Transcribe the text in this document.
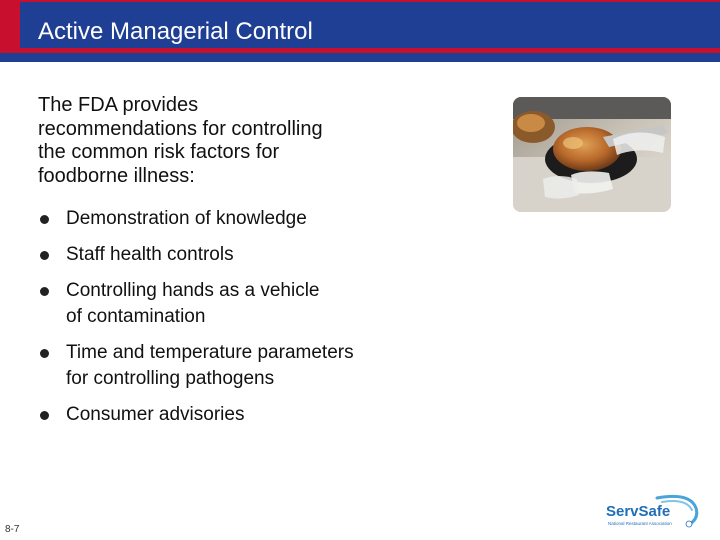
Active Managerial Control

The FDA provides
recommendations for controlling
the common risk factors for
foodborne illness:

Demonstration of knowledge
Staff health controls
Controlling hands as a vehicle
of contamination
Time and temperature parameters
for controlling pathogens
Consumer advisories
8-7
ServSafe
National Restaurant Association
